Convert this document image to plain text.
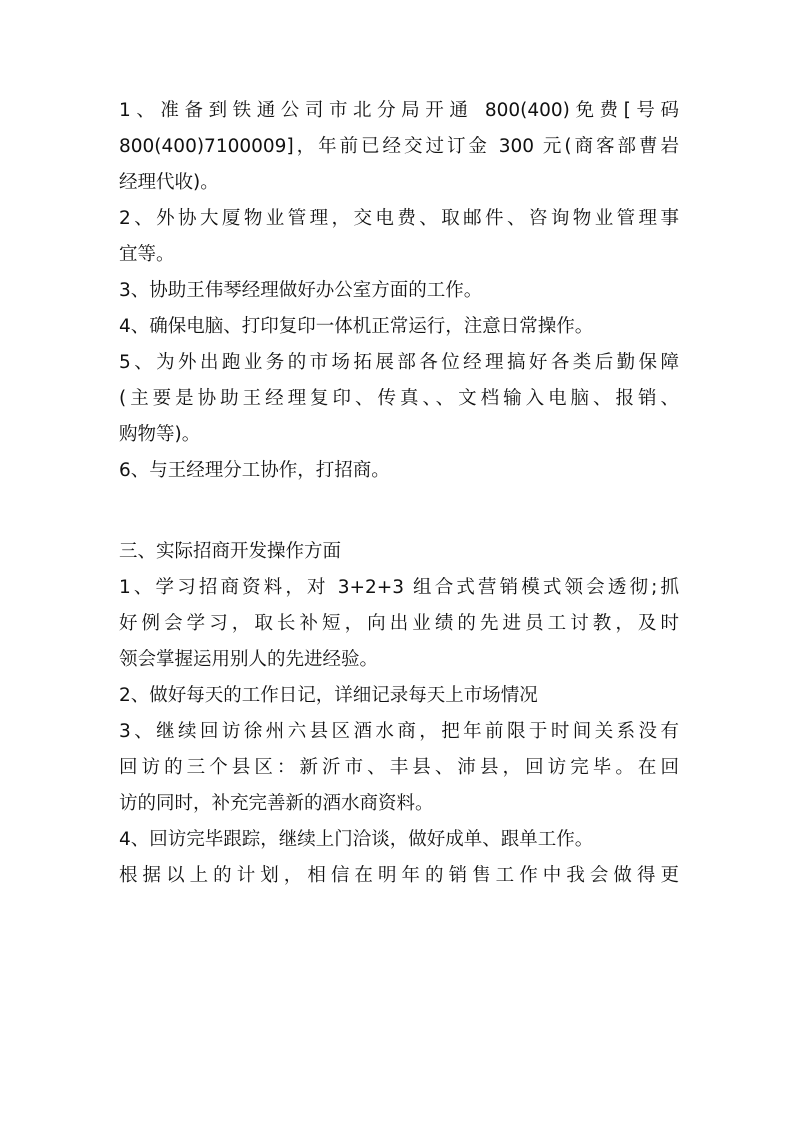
1、准备到铁通公司市北分局开通 800(400)免费[号码
800(400)7100009]，年前已经交过订金 300 元(商客部曹岩
经理代收)。
2、外协大厦物业管理，交电费、取邮件、咨询物业管理事
宜等。
3、协助王伟琴经理做好办公室方面的工作。
4、确保电脑、打印复印一体机正常运行，注意日常操作。
5、为外出跑业务的市场拓展部各位经理搞好各类后勤保障
(主要是协助王经理复印、传真、、文档输入电脑、报销、
购物等)。
6、与王经理分工协作，打招商。
三、实际招商开发操作方面
1、学习招商资料，对 3+2+3 组合式营销模式领会透彻;抓
好例会学习，取长补短，向出业绩的先进员工讨教，及时
领会掌握运用别人的先进经验。
2、做好每天的工作日记，详细记录每天上市场情况
3、继续回访徐州六县区酒水商，把年前限于时间关系没有
回访的三个县区：新沂市、丰县、沛县，回访完毕。在回
访的同时，补充完善新的酒水商资料。
4、回访完毕跟踪，继续上门洽谈，做好成单、跟单工作。
根据以上的计划，相信在明年的销售工作中我会做得更
